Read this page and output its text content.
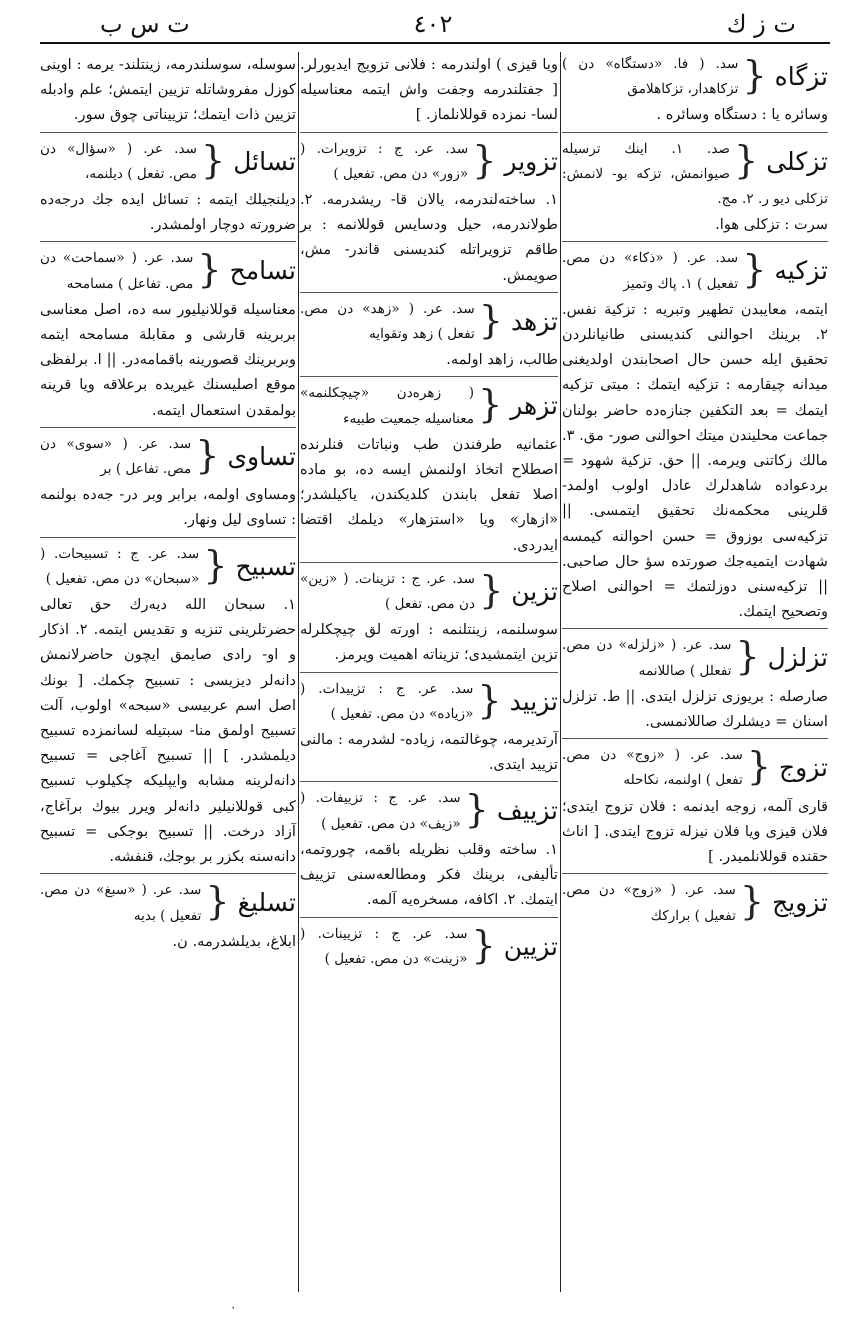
ت س ب	٤٠٢	ت ز ك
تزگاه
{
سد. ( فا. «دستگاه» دن ) تزكاهدار، تزكاهلامق
وسائره يا : دستگاه وسائره .
تزكلى
{
صد. ١. اينك ترسيله صيوانمش، تزكه بو- لانمش: تزكلى ديو ر. ٢. مج.
سرت : تزكلى هوا.
تزكيه
{
سد. عر. ( «ذكاء» دن مص. تفعيل ) ١. پاك وتميز
ايتمه، معايبدن تطهير وتبريه : تزكية نفس. ٢. برينك احوالنى كنديسنى طانيانلردن تحقيق ايله حسن حال اصحابندن اولديغنى ميدانه چيقارمه : تزكيه ايتمك : ميتى تزكيه ايتمك = بعد التكفين جنازه‌ده حاضر بولنان جماعت محليندن ميتك احوالنى صور- مق. ٣. مالك زكاتنى ويرمه. || حق. تزكية شهود = بردعواده شاهدلرك عادل اولوب اولمد- قلرينى محكمه‌نك تحقيق ايتمسى. || تزكيه‌سى بوزوق = حسن احوالنه كيمسه شهادت ايتميه‌جك صورتده سؤ حال صاحبى. || تزكيه‌سنى دوزلتمك = احوالنى اصلاح وتصحيح ايتمك.
تزلزل
{
سد. عر. ( «زلزله» دن مص. تفعلل ) صاللانمه
صارصله : بريوزى تزلزل ايتدى. || ط. تزلزل اسنان = ديشلرك صاللانمسى.
تزوج
{
سد. عر. ( «زوج» دن مص. تفعل ) اولنمه، نكاحله
قارى آلمه، زوجه ايدنمه : فلان تزوج ايتدى؛ فلان قيزى ويا فلان نيزله تزوج ايتدى. [ اناث حقنده قوللانلميدر. ]
تزويج
{
سد. عر. ( «زوج» دن مص. تفعيل ) براركك
ويا قيزى ) اولندرمه : فلانى تزويج ايديورلر. [ جفتلندرمه وجفت واش ايتمه معناسيله لسا- نمزده قوللانلماز. ]
تزوير
{
سد. عر. ج : تزويرات. ( «زور» دن مص. تفعيل )
١. ساخته‌لندرمه، يالان قا- ريشدرمه. ٢. طولاندرمه، حيل ودسايس قوللانمه : بر طاقم تزويراتله كنديسنى قاندر- مش، صويمش.
تزهد
{
سد. عر. ( «زهد» دن مص. تفعل ) زهد وتقوايه
طالب، زاهد اولمه.
تزهر
{
( زهره‌دن «چيچكلنمه» معناسيله جمعيت طبيه‌ء
عثمانيه طرفندن طب ونباتات فنلرنده اصطلاح اتخاذ اولنمش ايسه ده، بو ماده اصلا تفعل بابندن كلديكندن، ياكيلشدر؛ «ازهار» ويا «استزهار» ديلمك اقتضا ايدردى.
تزين
{
سد. عر. ج : تزينات. ( «زين» دن مص. تفعل )
سوسلنمه، زينتلنمه : اورته لق چيچكلرله تزين ايتمشيدى؛ تزيناته اهميت ويرمز.
تزييد
{
سد. عر. ج : تزييدات. ( «زياده» دن مص. تفعيل )
آرتديرمه، چوغالتمه، زياده- لشدرمه : مالنى تزييد ايتدى.
تزييف
{
سد. عر. ج : تزييفات. ( «زيف» دن مص. تفعيل )
١. ساخته وقلب نظريله باقمه، چوروتمه، تأليفى، برينك فكر ومطالعه‌سنى تزييف ايتمك. ٢. اكافه، مسخره‌يه آلمه.
تزيين
{
سد. عر. ج : تزيينات. ( «زينت» دن مص. تفعيل )
سوسله، سوسلندرمه، زينتلند- يرمه : اوينى كوزل مفروشاتله تزيين ايتمش؛ علم وادبله تزيين ذات ايتمك؛ تزييناتى چوق سور.
تسائل
{
سد. عر. ( «سؤال» دن مص. تفعل ) ديلنمه،
ديلنجيلك ايتمه : تسائل ايده جك درجه‌ده ضرورته دوچار اولمشدر.
تسامح
{
سد. عر. ( «سماحت» دن مص. تفاعل ) مسامحه
معناسيله قوللانيليور سه ده، اصل معناسى بربرينه قارشى و مقابلة مسامحه ايتمه وبربرينك قصورينه باقمامه‌در. || ا. برلفظى موقع اصليسنك غيريده برعلاقه ويا قرينه بولمقدن استعمال ايتمه.
تساوى
{
سد. عر. ( «سوى» دن مص. تفاعل ) بر
ومساوى اولمه، برابر وبر در- جه‌ده بولنمه : تساوى ليل ونهار.
تسبيح
{
سد. عر. ج : تسبيحات. ( «سبحان» دن مص. تفعيل )
١. سبحان الله ديه‌رك حق تعالى حضرتلرينى تنزيه و تقديس ايتمه. ٢. اذكار و او- رادى صايمق ايچون حاضرلانمش دانه‌لر ديزيسى : تسبيح چكمك. [ بونك اصل اسم عربيسى «سبحه» اولوب، آلت تسبيح اولمق منا- سبتيله لسانمزده تسبيح ديلمشدر. ] || تسبيح آغاجى = تسبيح دانه‌لرينه مشابه وايپليكه چكيلوب تسبيح كبى قوللانيلير دانه‌لر ويرر بيوك برآغاج، آزاد درخت. || تسبيح بوجكى = تسبيح دانه‌سنه بكزر بر بوجك، قنفشه.
تسليغ
{
سد. عر. ( «سبغ» دن مص. تفعيل ) بديه
ابلاغ، بديلشدرمه. ن.
٠
